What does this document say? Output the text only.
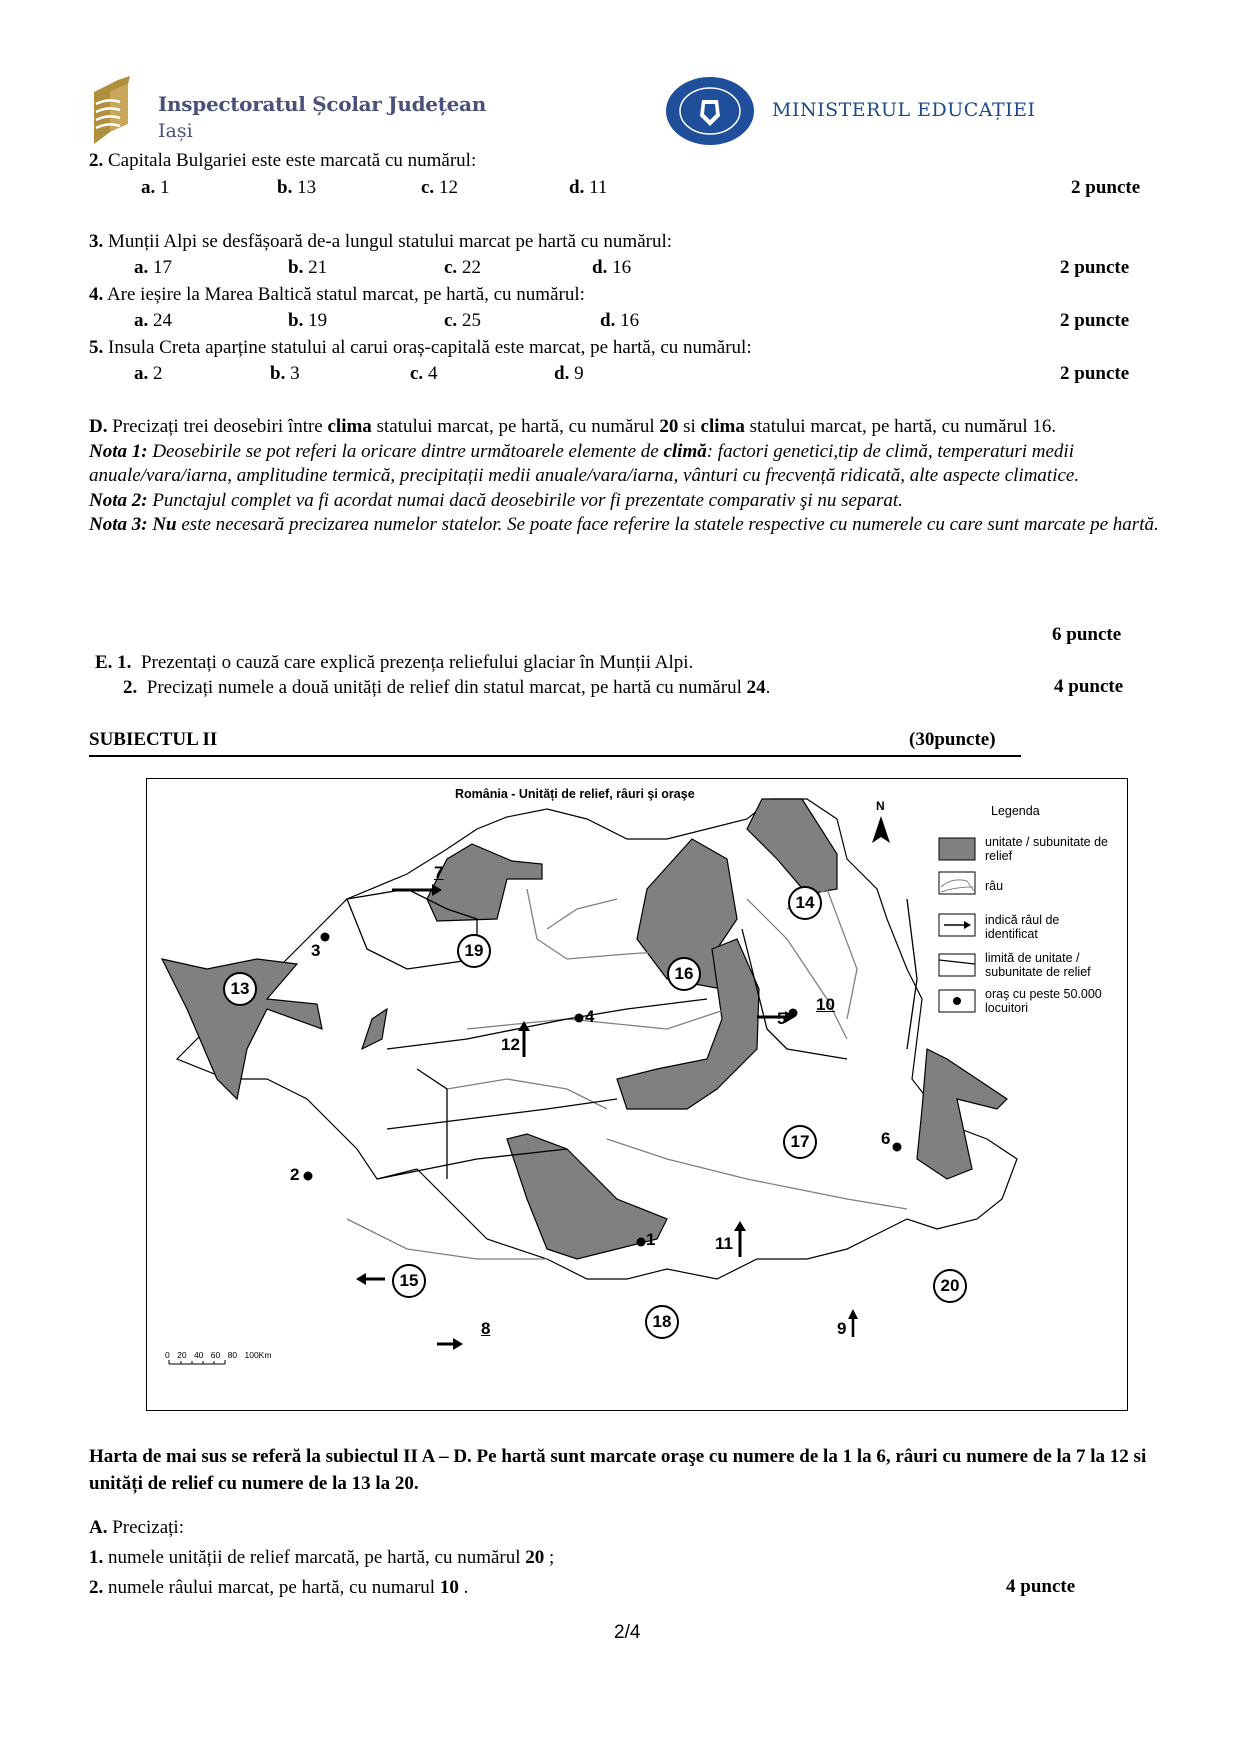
Inspectoratul Școlar Județean
Iași
MINISTERUL EDUCAȚIEI
2. Capitala Bulgariei este este marcată cu numărul:
a. 1	b. 13	c. 12	d. 11	2 puncte
3. Munții Alpi se desfășoară de-a lungul statului marcat pe hartă cu numărul:
a. 17	b. 21	c. 22	d. 16	2 puncte
4. Are ieșire la Marea Baltică statul marcat, pe hartă, cu numărul:
a. 24	b. 19	c. 25	d. 16	2 puncte
5. Insula Creta aparține statului al carui oraș-capitală este marcat, pe hartă, cu numărul:
a. 2	b. 3	c. 4	d. 9	2 puncte
D. Precizați trei deosebiri între clima statului marcat, pe hartă, cu numărul 20 si clima statului marcat, pe hartă, cu numărul 16.
Nota 1: Deosebirile se pot referi la oricare dintre următoarele elemente de climă: factori genetici,tip de climă, temperaturi medii anuale/vara/iarna, amplitudine termică, precipitații medii anuale/vara/iarna, vânturi cu frecvență ridicată, alte aspecte climatice.
Nota 2: Punctajul complet va fi acordat numai dacă deosebirile vor fi prezentate comparativ şi nu separat.
Nota 3: Nu este necesară precizarea numelor statelor. Se poate face referire la statele respective cu numerele cu care sunt marcate pe hartă.
6 puncte
E. 1. Prezentați o cauză care explică prezența reliefului glaciar în Munții Alpi.
2. Precizați numele a două unități de relief din statul marcat, pe hartă cu numărul 24.	4 puncte
SUBIECTUL II	(30puncte)
România - Unități de relief, râuri şi oraşe
N	Legenda
unitate / subunitate de relief
râu
indică râul de identificat
limită de unitate / subunitate de relief
oraş cu peste 50.000 locuitori
0 20 40 60 80 100Km
1
2
3
4	5
6
7
8	9
10
11
12
13
14
15
16
17
18
19
20
Harta de mai sus se referă la subiectul II A – D. Pe hartă sunt marcate oraşe cu numere de la 1 la 6, râuri cu numere de la 7 la 12 si unități de relief cu numere de la 13 la 20.
A. Precizați:
1. numele unității de relief marcată, pe hartă, cu numărul 20 ;
2. numele râului marcat, pe hartă, cu numarul 10 .	4 puncte
2/4
